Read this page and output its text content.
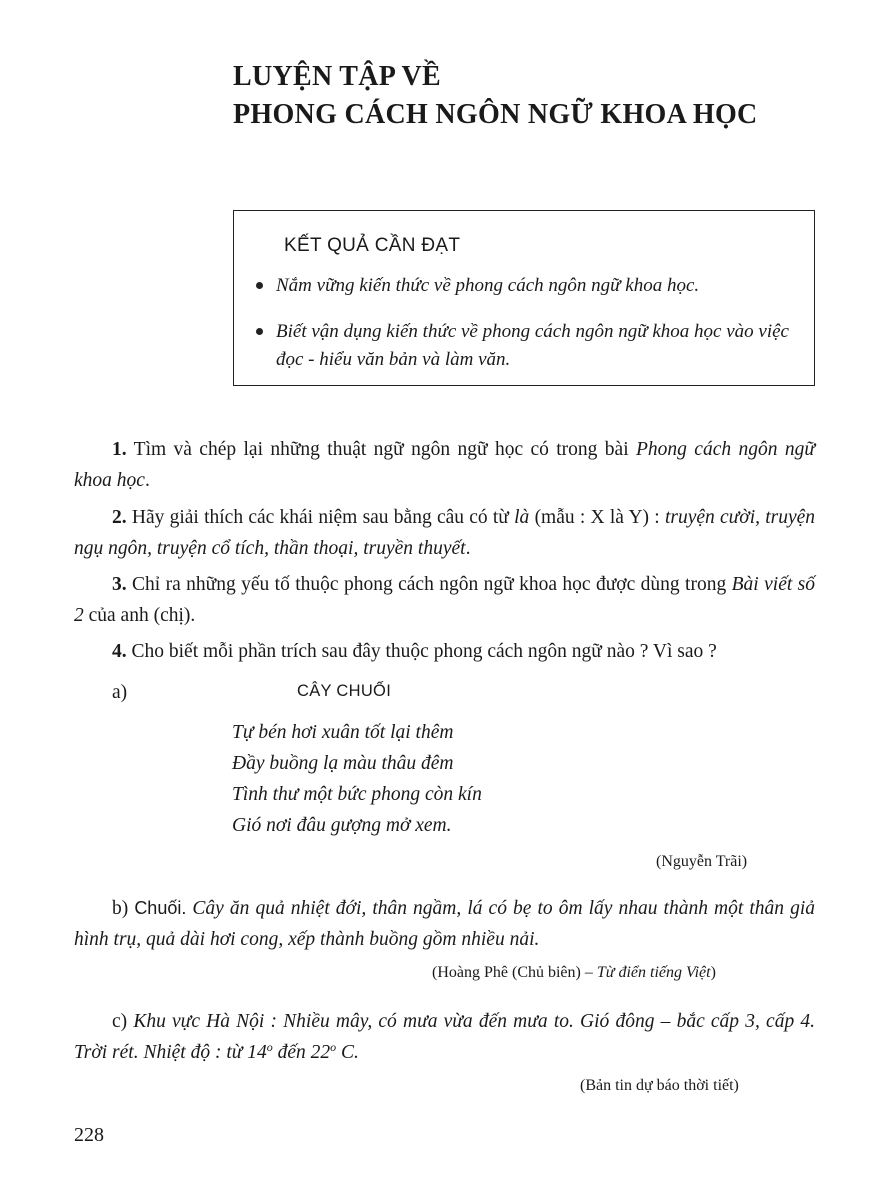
LUYỆN TẬP VỀ
PHONG CÁCH NGÔN NGỮ KHOA HỌC
KẾT QUẢ CẦN ĐẠT
Nắm vững kiến thức về phong cách ngôn ngữ khoa học.
Biết vận dụng kiến thức về phong cách ngôn ngữ khoa học vào việc đọc - hiểu văn bản và làm văn.
1. Tìm và chép lại những thuật ngữ ngôn ngữ học có trong bài Phong cách ngôn ngữ khoa học.
2. Hãy giải thích các khái niệm sau bằng câu có từ là (mẫu : X là Y) : truyện cười, truyện ngụ ngôn, truyện cổ tích, thần thoại, truyền thuyết.
3. Chỉ ra những yếu tố thuộc phong cách ngôn ngữ khoa học được dùng trong Bài viết số 2 của anh (chị).
4. Cho biết mỗi phần trích sau đây thuộc phong cách ngôn ngữ nào ? Vì sao ?
a)	CÂY CHUỐI
Tự bén hơi xuân tốt lại thêm
Đầy buồng lạ màu thâu đêm
Tình thư một bức phong còn kín
Gió nơi đâu gượng mở xem.
(Nguyễn Trãi)
b) Chuối. Cây ăn quả nhiệt đới, thân ngầm, lá có bẹ to ôm lấy nhau thành một thân giả hình trụ, quả dài hơi cong, xếp thành buồng gồm nhiều nải.
(Hoàng Phê (Chủ biên) – Từ điển tiếng Việt)
c) Khu vực Hà Nội : Nhiều mây, có mưa vừa đến mưa to. Gió đông – bắc cấp 3, cấp 4. Trời rét. Nhiệt độ : từ 14$^o$ đến 22$^o$ C.
(Bản tin dự báo thời tiết)
228
